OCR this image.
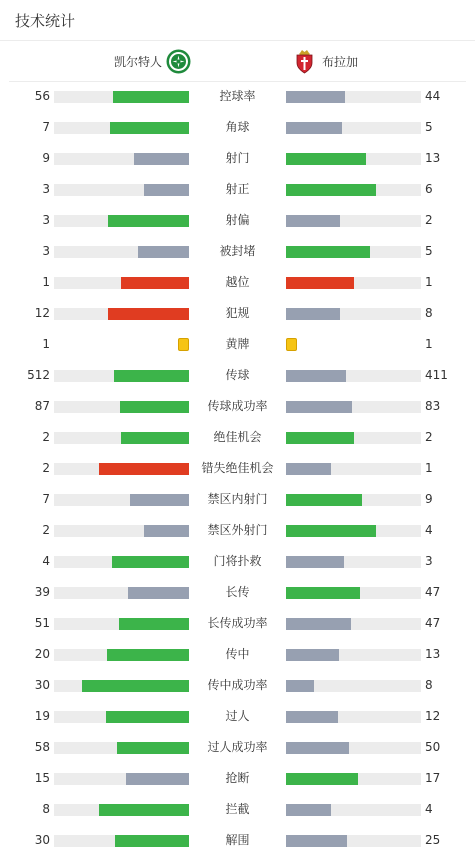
技术统计
凯尔特人	布拉加
56	控球率	44
7	角球	5
9	射门	13
3	射正	6
3	射偏	2
3	被封堵	5
1	越位	1
12	犯规	8
1	黄牌	1
512	传球	411
87	传球成功率	83
2	绝佳机会	2
2	错失绝佳机会	1
7	禁区内射门	9
2	禁区外射门	4
4	门将扑救	3
39	长传	47
51	长传成功率	47
20	传中	13
30	传中成功率	8
19	过人	12
58	过人成功率	50
15	抢断	17
8	拦截	4
30	解围	25
